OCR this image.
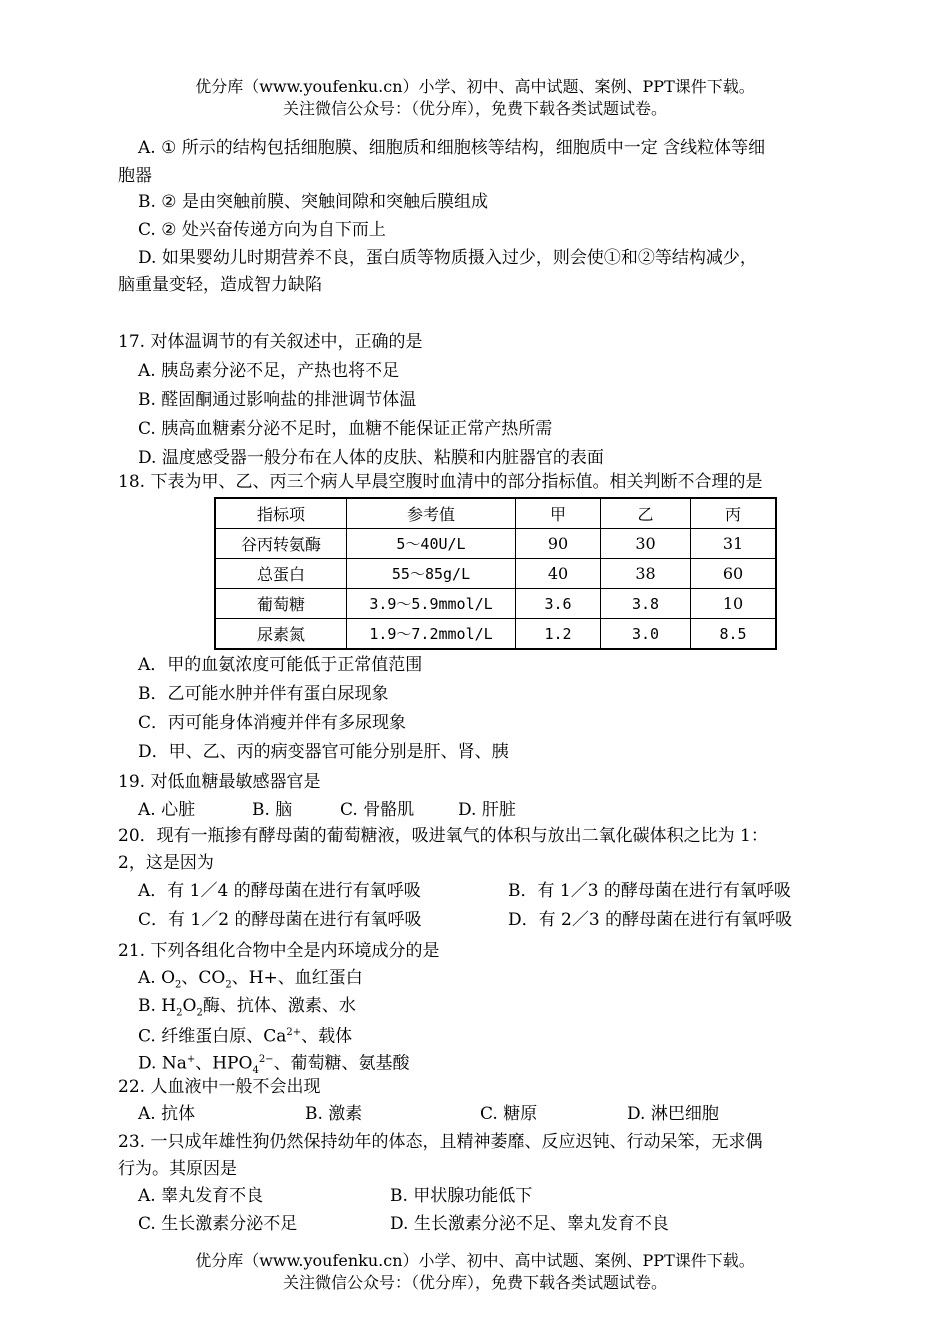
优分库（www.youfenku.cn）小学、初中、高中试题、案例、PPT课件下载。
关注微信公众号：（优分库），免费下载各类试题试卷。
A. ① 所示的结构包括细胞膜、细胞质和细胞核等结构，细胞质中一定 含线粒体等细
胞器
B. ② 是由突触前膜、突触间隙和突触后膜组成
C. ② 处兴奋传递方向为自下而上
D. 如果婴幼儿时期营养不良，蛋白质等物质摄入过少，则会使①和②等结构减少，
脑重量变轻，造成智力缺陷
17. 对体温调节的有关叙述中，正确的是
A. 胰岛素分泌不足，产热也将不足
B. 醛固酮通过影响盐的排泄调节体温
C. 胰高血糖素分泌不足时，血糖不能保证正常产热所需
D. 温度感受器一般分布在人体的皮肤、粘膜和内脏器官的表面
18. 下表为甲、乙、丙三个病人早晨空腹时血清中的部分指标值。相关判断不合理的是
指标项	参考值	甲	乙	丙
谷丙转氨酶	5～40U/L	90	30	31
总蛋白	55～85g/L	40	38	60
葡萄糖	3.9～5.9mmol/L	3.6	3.8	10
尿素氮	1.9～7.2mmol/L	1.2	3.0	8.5
A．甲的血氨浓度可能低于正常值范围
B．乙可能水肿并伴有蛋白尿现象
C．丙可能身体消瘦并伴有多尿现象
D．甲、乙、丙的病变器官可能分别是肝、肾、胰
19. 对低血糖最敏感器官是
A. 心脏	B. 脑	C. 骨骼肌	D. 肝脏
20．现有一瓶掺有酵母菌的葡萄糖液，吸进氧气的体积与放出二氧化碳体积之比为 1：
2，这是因为
A．有 1／4 的酵母菌在进行有氧呼吸	B．有 1／3 的酵母菌在进行有氧呼吸
C．有 1／2 的酵母菌在进行有氧呼吸	D．有 2／3 的酵母菌在进行有氧呼吸
21. 下列各组化合物中全是内环境成分的是
A. $O_2$、$CO_2$、H+、血红蛋白
B. $H_2O_2$酶、抗体、激素、水
C. 纤维蛋白原、$Ca^{2+}$、载体
D. Na+、$HPO_4^{2-}$、葡萄糖、氨基酸
22. 人血液中一般不会出现
A. 抗体	B. 激素	C. 糖原	D. 淋巴细胞
23. 一只成年雄性狗仍然保持幼年的体态，且精神萎靡、反应迟钝、行动呆笨，无求偶
行为。其原因是
A. 睾丸发育不良	B. 甲状腺功能低下
C. 生长激素分泌不足	D. 生长激素分泌不足、睾丸发育不良
优分库（www.youfenku.cn）小学、初中、高中试题、案例、PPT课件下载。
关注微信公众号：（优分库），免费下载各类试题试卷。
